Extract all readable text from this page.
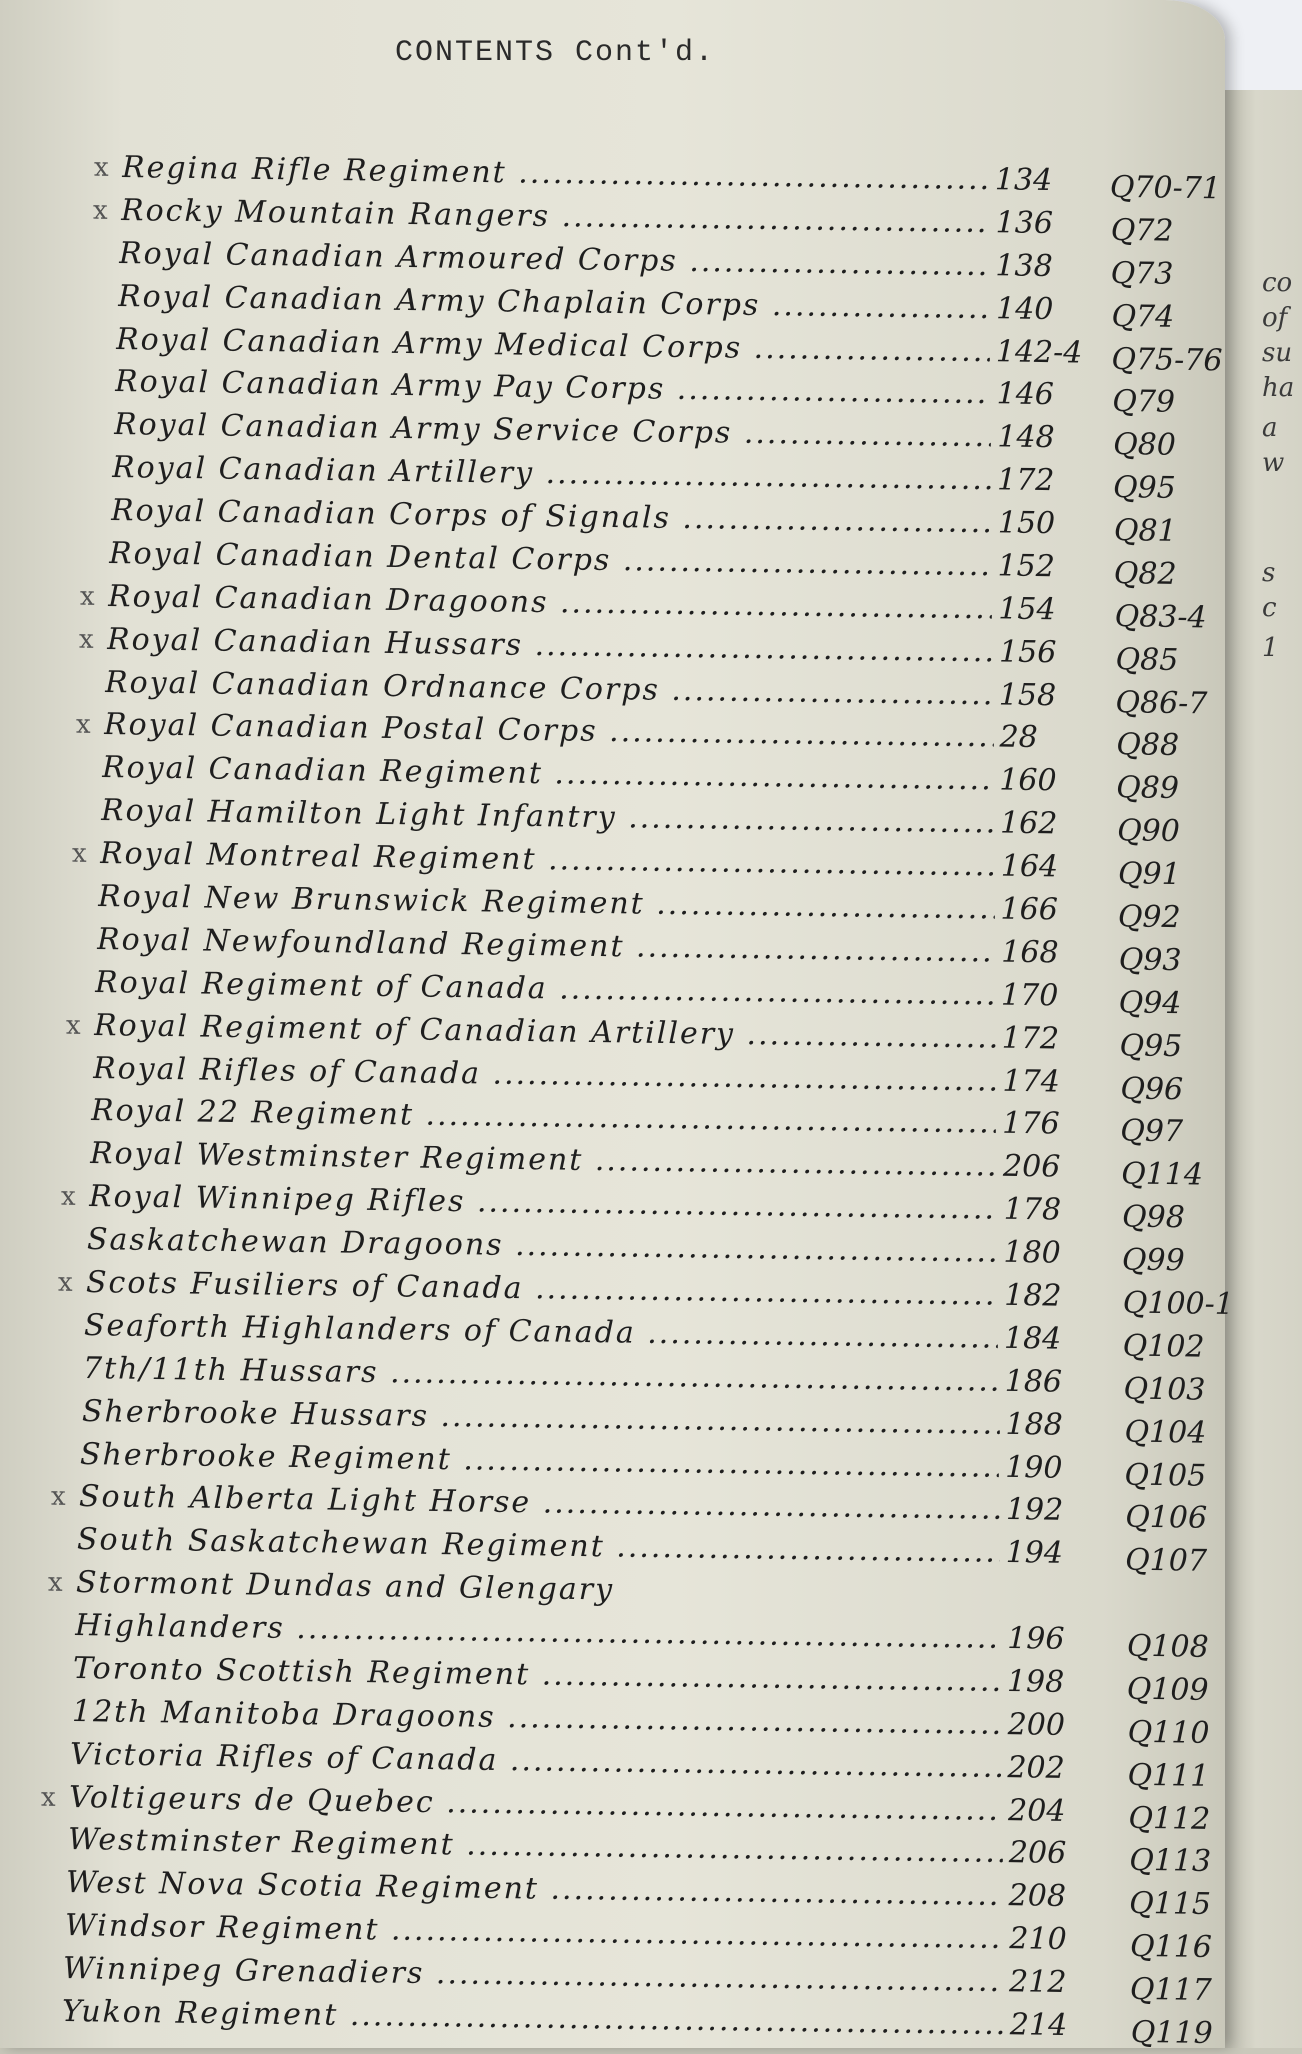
co
of
su
ha
a
w
s
c
1
CONTENTS Cont'd.
x Regina Rifle Regiment .....	134 Q70-71
x Rocky Mountain Rangers .....	136 Q72
Royal Canadian Armoured Corps .....	138 Q73
Royal Canadian Army Chaplain Corps .....	140 Q74
Royal Canadian Army Medical Corps .....	142-4 Q75-76
Royal Canadian Army Pay Corps .....	146 Q79
Royal Canadian Army Service Corps .....	148 Q80
Royal Canadian Artillery .....	172 Q95
Royal Canadian Corps of Signals .....	150 Q81
Royal Canadian Dental Corps .....	152 Q82
x Royal Canadian Dragoons .....	154 Q83-4
x Royal Canadian Hussars .....	156 Q85
Royal Canadian Ordnance Corps .....	158 Q86-7
x Royal Canadian Postal Corps .....	28	Q88
Royal Canadian Regiment .....	160 Q89
Royal Hamilton Light Infantry .....	162 Q90
x Royal Montreal Regiment .....	164 Q91
Royal New Brunswick Regiment .....	166 Q92
Royal Newfoundland Regiment .....	168 Q93
Royal Regiment of Canada .....	170 Q94
x Royal Regiment of Canadian Artillery .....	172 Q95
Royal Rifles of Canada .....	174 Q96
Royal 22 Regiment .....	176 Q97
Royal Westminster Regiment .....	206 Q114
x Royal Winnipeg Rifles .....	178 Q98
Saskatchewan Dragoons .....	180 Q99
x Scots Fusiliers of Canada .....	182 Q100-1
Seaforth Highlanders of Canada .....	184 Q102
7th/11th Hussars .....	186 Q103
Sherbrooke Hussars .....	188 Q104
Sherbrooke Regiment .....	190 Q105
x South Alberta Light Horse .....	192 Q106
South Saskatchewan Regiment .....	194 Q107
x Stormont Dundas and Glengary
Highlanders .....	196 Q108
Toronto Scottish Regiment .....	198 Q109
12th Manitoba Dragoons .....	200 Q110
Victoria Rifles of Canada .....	202 Q111
x Voltigeurs de Quebec .....	204 Q112
Westminster Regiment .....	206 Q113
West Nova Scotia Regiment .....	208 Q115
Windsor Regiment .....	210 Q116
Winnipeg Grenadiers .....	212 Q117
Yukon Regiment .....	214 Q119
